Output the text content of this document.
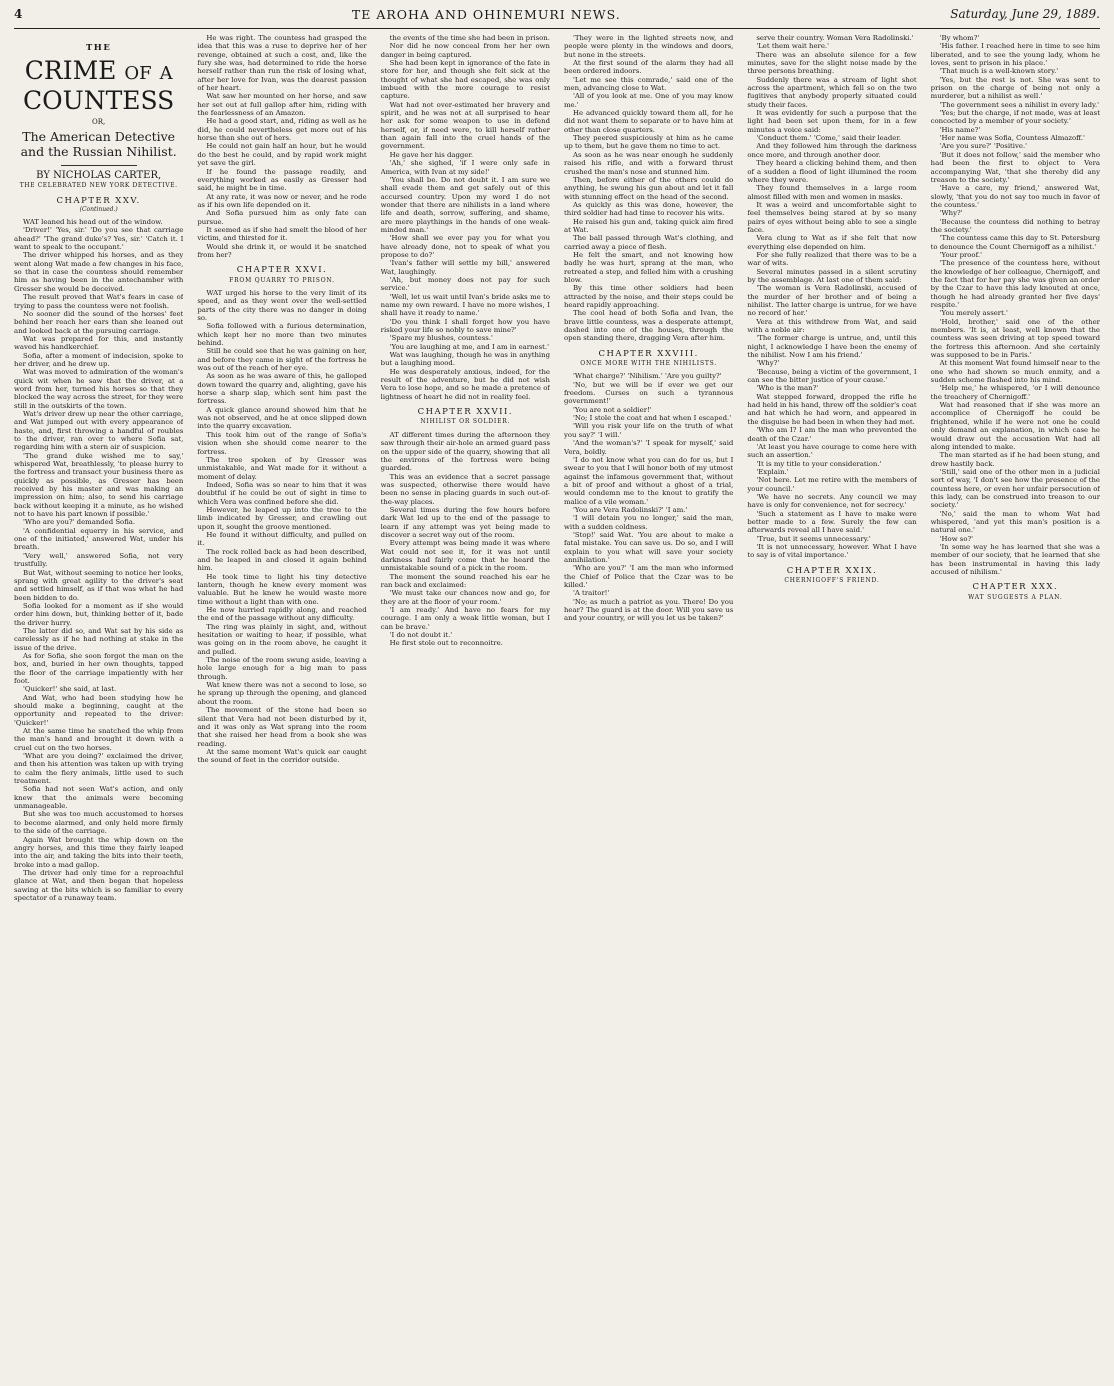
4	TE AROHA AND OHINEMURI NEWS.	Saturday, June 29, 1889.
THE
CRIME of a COUNTESS
OR,
The American Detective and the Russian Nihilist.
BY NICHOLAS CARTER,
THE CELEBRATED NEW YORK DETECTIVE.
CHAPTER XXV.
(Continued.)

WAT leaned his head out of the window.

'Driver!' 'Yes, sir.' 'Do you see that carriage ahead?' 'The grand duke's? Yes, sir.' 'Catch it. I want to speak to the occupant.'

The driver whipped his horses, and as they went along Wat made a few changes in his face, so that in case the countess should remember him as having been in the antechamber with Gresser she would be deceived.

The result proved that Wat's fears in case of trying to pass the countess were not foolish.

No sooner did the sound of the horses' feet behind her reach her ears than she leaned out and looked back at the pursuing carriage.

Wat was prepared for this, and instantly waved his handkerchief.

Sofia, after a moment of indecision, spoke to her driver, and he drew up.

Wat was moved to admiration of the woman's quick wit when he saw that the driver, at a word from her, turned his horses so that they blocked the way across the street, for they were still in the outskirts of the town.

Wat's driver drew up near the other carriage, and Wat jumped out with every appearance of haste, and, first throwing a handful of roubles to the driver, ran over to where Sofia sat, regarding him with a stern air of suspicion.

'The grand duke wished me to say,' whispered Wat, breathlessly, 'to please hurry to the fortress and transact your business there as quickly as possible, as Gresser has been received by his master and was making an impression on him; also, to send his carriage back without keeping it a minute, as he wished not to have his part known if possible.'

'Who are you?' demanded Sofia.

'A confidential equerry in his service, and one of the initiated,' answered Wat, under his breath.

'Very well,' answered Sofia, not very trustfully.

But Wat, without seeming to notice her looks, sprang with great agility to the driver's seat and settled himself, as if that was what he had been bidden to do.

Sofia looked for a moment as if she would order him down, but, thinking better of it, bade the driver hurry.

The latter did so, and Wat sat by his side as carelessly as if he had nothing at stake in the issue of the drive.

As for Sofia, she soon forgot the man on the box, and, buried in her own thoughts, tapped the floor of the carriage impatiently with her foot.

'Quicker!' she said, at last.

And Wat, who had been studying how he should make a beginning, caught at the opportunity and repeated to the driver: 'Quicker!'

At the same time he snatched the whip from the man's hand and brought it down with a cruel cut on the two horses.

'What are you doing?' exclaimed the driver, and then his attention was taken up with trying to calm the fiery animals, little used to such treatment.

Sofia had not seen Wat's action, and only knew that the animals were becoming unmanageable.

But she was too much accustomed to horses to become alarmed, and only held more firmly to the side of the carriage.

Again Wat brought the whip down on the angry horses, and this time they fairly leaped into the air, and taking the bits into their teeth, broke into a mad gallop.

The driver had only time for a reproachful glance at Wat, and then began that hopeless sawing at the bits which is so familiar to every spectator of a runaway team.

He was right. The countess had grasped the idea that this was a ruse to deprive her of her revenge, obtained at such a cost, and, like the fury she was, had determined to ride the horse herself rather than run the risk of losing what, after her love for Ivan, was the dearest passion of her heart.

Wat saw her mounted on her horse, and saw her set out at full gallop after him, riding with the fearlessness of an Amazon.

He had a good start, and, riding as well as he did, he could nevertheless get more out of his horse than she out of hers.

He could not gain half an hour, but he would do the best he could, and by rapid work might yet save the girl.

If he found the passage readily, and everything worked as easily as Gresser had said, he might be in time.

At any rate, it was now or never, and he rode as if his own life depended on it.

And Sofia pursued him as only fate can pursue.

It seemed as if she had smelt the blood of her victim, and thirsted for it.

Would she drink it, or would it be snatched from her?

CHAPTER XXVI.
FROM QUARRY TO PRISON.

WAT urged his horse to the very limit of its speed, and as they went over the well-settled parts of the city there was no danger in doing so.

Sofia followed with a furious determination, which kept her no more than two minutes behind.

Still he could see that he was gaining on her, and before they came in sight of the fortress he was out of the reach of her eye.

As soon as he was aware of this, he galloped down toward the quarry and, alighting, gave his horse a sharp slap, which sent him past the fortress.

A quick glance around showed him that he was not observed, and he at once slipped down into the quarry excavation.

This took him out of the range of Sofia's vision when she should come nearer to the fortress.

The tree spoken of by Gresser was unmistakable, and Wat made for it without a moment of delay.

Indeed, Sofia was so near to him that it was doubtful if he could be out of sight in time to which Vera was confined before she did.

However, he leaped up into the tree to the limb indicated by Gresser, and crawling out upon it, sought the groove mentioned.

He found it without difficulty, and pulled on it.

The rock rolled back as had been described, and he leaped in and closed it again behind him.

He took time to light his tiny detective lantern, though he knew every moment was valuable. But he knew he would waste more time without a light than with one.

He now hurried rapidly along, and reached the end of the passage without any difficulty.

The ring was plainly in sight, and, without hesitation or waiting to hear, if possible, what was going on in the room above, he caught it and pulled.

The noise of the room swung aside, leaving a hole large enough for a big man to pass through.

Wat knew there was not a second to lose, so he sprang up through the opening, and glanced about the room.

The movement of the stone had been so silent that Vera had not been disturbed by it, and it was only as Wat sprang into the room that she raised her head from a book she was reading.

At the same moment Wat's quick ear caught the sound of feet in the corridor outside.

the events of the time she had been in prison.

Nor did he now conceal from her her own danger in being captured.

She had been kept in ignorance of the fate in store for her, and though she felt sick at the thought of what she had escaped, she was only imbued with the more courage to resist capture.

Wat had not over-estimated her bravery and spirit, and he was not at all surprised to hear her ask for some weapon to use in defend herself, or, if need were, to kill herself rather than again fall into the cruel hands of the government.

He gave her his dagger.

'Ah,' she sighed, 'if I were only safe in America, with Ivan at my side!'

'You shall be. Do not doubt it. I am sure we shall evade them and get safely out of this accursed country. Upon my word I do not wonder that there are nihilists in a land where life and death, sorrow, suffering, and shame, are mere playthings in the hands of one weak-minded man.'

'How shall we ever pay you for what you have already done, not to speak of what you propose to do?'

'Ivan's father will settle my bill,' answered Wat, laughingly.

'Ah, but money does not pay for such service.'

'Well, let us wait until Ivan's bride asks me to name my own reward. I have no more wishes, I shall have it ready to name.'

'Do you think I shall forget how you have risked your life so nobly to save mine?'

'Spare my blushes, countess.'

'You are laughing at me, and I am in earnest.'

Wat was laughing, though he was in anything but a laughing mood.

He was desperately anxious, indeed, for the result of the adventure, but he did not wish Vera to lose hope, and so he made a pretence of lightness of heart he did not in reality feel.

CHAPTER XXVII.
NIHILIST OR SOLDIER.

AT different times during the afternoon they saw through their air-hole an armed guard pass on the upper side of the quarry, showing that all the environs of the fortress were being guarded.

This was an evidence that a secret passage was suspected, otherwise there would have been no sense in placing guards in such out-of-the-way places.

Several times during the few hours before dark Wat led up to the end of the passage to learn if any attempt was yet being made to discover a secret way out of the room.

Every attempt was being made it was where Wat could not see it, for it was not until darkness had fairly come that he heard the unmistakable sound of a pick in the room.

The moment the sound reached his ear he ran back and exclaimed:

'We must take our chances now and go, for they are at the floor of your room.'

'I am ready.' And have no fears for my courage. I am only a weak little woman, but I can be brave.'

'I do not doubt it.'

He first stole out to reconnoitre.

'They were in the lighted streets now, and people were plenty in the windows and doors, but none in the streets.

At the first sound of the alarm they had all been ordered indoors.

'Let me see this comrade,' said one of the men, advancing close to Wat.

'All of you look at me. One of you may know me.'

He advanced quickly toward them all, for he did not want them to separate or to have him at other than close quarters.

They peered suspiciously at him as he came up to them, but he gave them no time to act.

As soon as he was near enough he suddenly raised his rifle, and with a forward thrust crushed the man's nose and stunned him.

Then, before either of the others could do anything, he swung his gun about and let it fall with stunning effect on the head of the second.

As quickly as this was done, however, the third soldier had had time to recover his wits.

He raised his gun and, taking quick aim fired at Wat.

The ball passed through Wat's clothing, and carried away a piece of flesh.

He felt the smart, and not knowing how badly he was hurt, sprang at the man, who retreated a step, and felled him with a crushing blow.

By this time other soldiers had been attracted by the noise, and their steps could be heard rapidly approaching.

The cool head of both Sofia and Ivan, the brave little countess, was a desperate attempt, dashed into one of the houses, through the open standing there, dragging Vera after him.

CHAPTER XXVIII.
ONCE MORE WITH THE NIHILISTS.

'What charge?' 'Nihilism.' 'Are you guilty?'

'No, but we will be if ever we get our freedom. Curses on such a tyrannous government!'

'You are not a soldier!'

'No; I stole the coat and hat when I escaped.'

'Will you risk your life on the truth of what you say?' 'I will.'

'And the woman's?' 'I speak for myself,' said Vera, boldly.

'I do not know what you can do for us, but I swear to you that I will honor both of my utmost against the infamous government that, without a bit of proof and without a ghost of a trial, would condemn me to the knout to gratify the malice of a vile woman.'

'You are Vera Radolinski?' 'I am.'

'I will detain you no longer,' said the man, with a sudden coldness.

'Stop!' said Wat. 'You are about to make a fatal mistake. You can save us. Do so, and I will explain to you what will save your society annihilation.'

'Who are you?' 'I am the man who informed the Chief of Police that the Czar was to be killed.'

'A traitor!'

'No; as much a patriot as you. There! Do you hear? The guard is at the door. Will you save us and your country, or will you let us be taken?'

serve their country. Woman Vera Radolinski.'

'Let them wait here.'

There was an absolute silence for a few minutes, save for the slight noise made by the three persons breathing.

Suddenly there was a stream of light shot across the apartment, which fell so on the two fugitives that anybody properly situated could study their faces.

It was evidently for such a purpose that the light had been set upon them, for in a few minutes a voice said:

'Conduct them.' 'Come,' said their leader.

And they followed him through the darkness once more, and through another door.

They heard a clicking behind them, and then of a sudden a flood of light illumined the room where they were.

They found themselves in a large room almost filled with men and women in masks.

It was a weird and uncomfortable sight to feel themselves being stared at by so many pairs of eyes without being able to see a single face.

Vera clung to Wat as if she felt that now everything else depended on him.

For she fully realized that there was to be a war of wits.

Several minutes passed in a silent scrutiny by the assemblage. At last one of them said:

'The woman is Vera Radolinski, accused of the murder of her brother and of being a nihilist. The latter charge is untrue, for we have no record of her.'

Vera at this withdrew from Wat, and said with a noble air:

'The former charge is untrue, and, until this night, I acknowledge I have been the enemy of the nihilist. Now I am his friend.'

'Why?'

'Because, being a victim of the government, I can see the bitter justice of your cause.'

'Who is the man?'

Wat stepped forward, dropped the rifle he had held in his hand, threw off the soldier's coat and hat which he had worn, and appeared in the disguise he had been in when they had met.

'Who am I? I am the man who prevented the death of the Czar.'

'At least you have courage to come here with such an assertion.'

'It is my title to your consideration.'

'Explain.'

'Not here. Let me retire with the members of your council.'

'We have no secrets. Any council we may have is only for convenience, not for secrecy.'

'Such a statement as I have to make were better made to a few. Surely the few can afterwards reveal all I have said.'

'True, but it seems unnecessary.'

'It is not unnecessary, however. What I have to say is of vital importance.'

CHAPTER XXIX.
CHERNIGOFF'S FRIEND.

'By whom?'

'His father. I reached here in time to see him liberated, and to see the young lady, whom he loves, sent to prison in his place.'

'That much is a well-known story.'

'Yes, but the rest is not. She was sent to prison on the charge of being not only a murderer, but a nihilist as well.'

'The government sees a nihilist in every lady.'

'Yes; but the charge, if not made, was at least concocted by a member of your society.'

'His name?'

'Her name was Sofia, Countess Almazoff.'

'Are you sure?' 'Positive.'

'But it does not follow,' said the member who had been the first to object to Vera accompanying Wat, 'that she thereby did any treason to the society.'

'Have a care, my friend,' answered Wat, slowly, 'that you do not say too much in favor of the countess.'

'Why?'

'Because the countess did nothing to betray the society.'

'The countess came this day to St. Petersburg to denounce the Count Chernigoff as a nihilist.'

'Your proof.'

'The presence of the countess here, without the knowledge of her colleague, Chernigoff, and the fact that for her pay she was given an order by the Czar to have this lady knouted at once, though he had already granted her five days' respite.'

'You merely assert.'

'Hold, brother,' said one of the other members. 'It is, at least, well known that the countess was seen driving at top speed toward the fortress this afternoon. And she certainly was supposed to be in Paris.'

At this moment Wat found himself near to the one who had shown so much enmity, and a sudden scheme flashed into his mind.

'Help me,' he whispered, 'or I will denounce the treachery of Chernigoff.'

Wat had reasoned that if she was more an accomplice of Chernigoff he could be frightened, while if he were not one he could only demand an explanation, in which case he would draw out the accusation Wat had all along intended to make.

The man started as if he had been stung, and drew hastily back.

'Still,' said one of the other men in a judicial sort of way, 'I don't see how the presence of the countess here, or even her unfair persecution of this lady, can be construed into treason to our society.'

'No,' said the man to whom Wat had whispered, 'and yet this man's position is a natural one.'

'How so?'

'In some way he has learned that she was a member of our society, that he learned that she has been instrumental in having this lady accused of nihilism.'

CHAPTER XXX.
WAT SUGGESTS A PLAN.
